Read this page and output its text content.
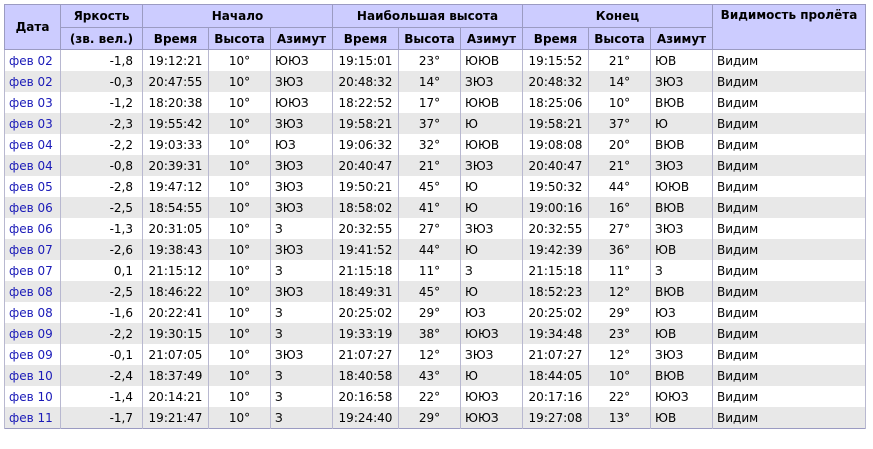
Дата	Яркость	Начало			Наибольшая высота			Конец			Видимость пролёта
	(зв. вел.)	Время	Высота	Азимут	Время	Высота	Азимут	Время	Высота	Азимут	
фев 02	-1,8	19:12:21	10°	ЮЮЗ	19:15:01	23°	ЮЮВ	19:15:52	21°	ЮВ	Видим
фев 02	-0,3	20:47:55	10°	ЗЮЗ	20:48:32	14°	ЗЮЗ	20:48:32	14°	ЗЮЗ	Видим
фев 03	-1,2	18:20:38	10°	ЮЮЗ	18:22:52	17°	ЮЮВ	18:25:06	10°	ВЮВ	Видим
фев 03	-2,3	19:55:42	10°	ЗЮЗ	19:58:21	37°	Ю	19:58:21	37°	Ю	Видим
фев 04	-2,2	19:03:33	10°	ЮЗ	19:06:32	32°	ЮЮВ	19:08:08	20°	ВЮВ	Видим
фев 04	-0,8	20:39:31	10°	ЗЮЗ	20:40:47	21°	ЗЮЗ	20:40:47	21°	ЗЮЗ	Видим
фев 05	-2,8	19:47:12	10°	ЗЮЗ	19:50:21	45°	Ю	19:50:32	44°	ЮЮВ	Видим
фев 06	-2,5	18:54:55	10°	ЗЮЗ	18:58:02	41°	Ю	19:00:16	16°	ВЮВ	Видим
фев 06	-1,3	20:31:05	10°	З	20:32:55	27°	ЗЮЗ	20:32:55	27°	ЗЮЗ	Видим
фев 07	-2,6	19:38:43	10°	ЗЮЗ	19:41:52	44°	Ю	19:42:39	36°	ЮВ	Видим
фев 07	0,1	21:15:12	10°	З	21:15:18	11°	З	21:15:18	11°	З	Видим
фев 08	-2,5	18:46:22	10°	ЗЮЗ	18:49:31	45°	Ю	18:52:23	12°	ВЮВ	Видим
фев 08	-1,6	20:22:41	10°	З	20:25:02	29°	ЮЗ	20:25:02	29°	ЮЗ	Видим
фев 09	-2,2	19:30:15	10°	З	19:33:19	38°	ЮЮЗ	19:34:48	23°	ЮВ	Видим
фев 09	-0,1	21:07:05	10°	ЗЮЗ	21:07:27	12°	ЗЮЗ	21:07:27	12°	ЗЮЗ	Видим
фев 10	-2,4	18:37:49	10°	З	18:40:58	43°	Ю	18:44:05	10°	ВЮВ	Видим
фев 10	-1,4	20:14:21	10°	З	20:16:58	22°	ЮЮЗ	20:17:16	22°	ЮЮЗ	Видим
фев 11	-1,7	19:21:47	10°	З	19:24:40	29°	ЮЮЗ	19:27:08	13°	ЮВ	Видим
